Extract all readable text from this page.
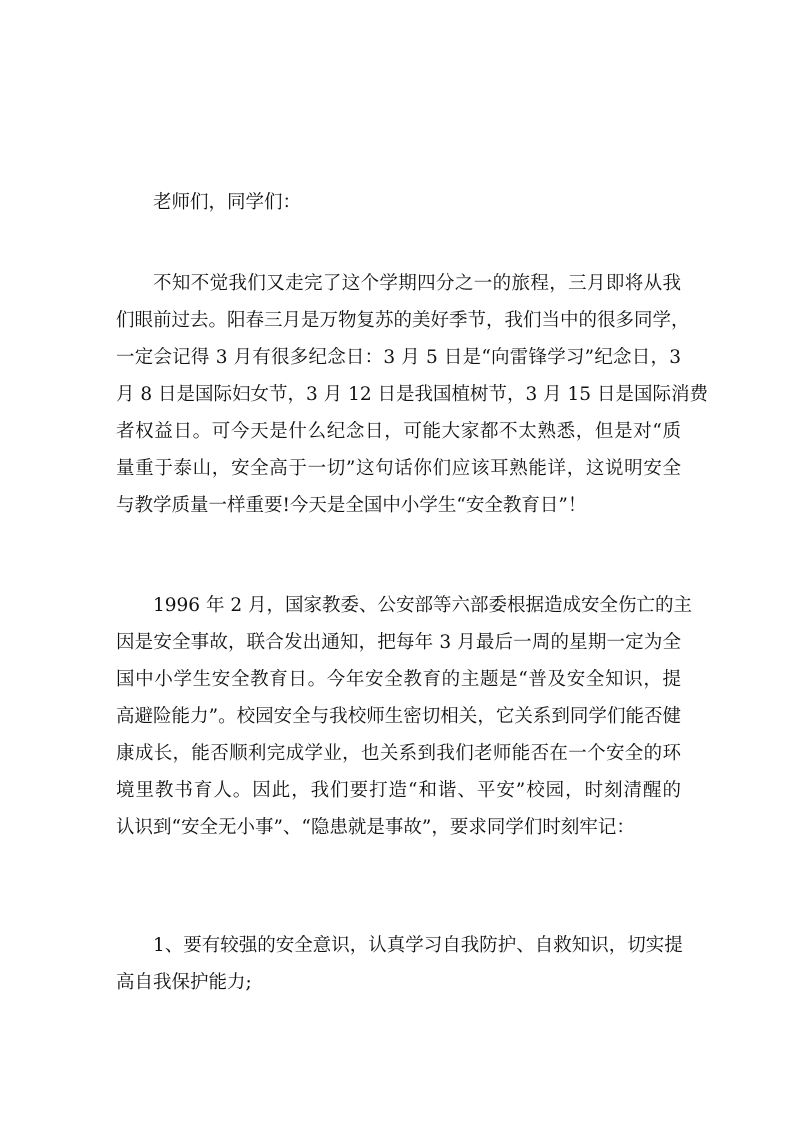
老师们，同学们：
不知不觉我们又走完了这个学期四分之一的旅程，三月即将从我
们眼前过去。阳春三月是万物复苏的美好季节，我们当中的很多同学，
一定会记得 3 月有很多纪念日：3 月 5 日是“向雷锋学习”纪念日，3
月 8 日是国际妇女节，3 月 12 日是我国植树节，3 月 15 日是国际消费
者权益日。可今天是什么纪念日，可能大家都不太熟悉，但是对“质
量重于泰山，安全高于一切”这句话你们应该耳熟能详，这说明安全
与教学质量一样重要!今天是全国中小学生“安全教育日”！
1996 年 2 月，国家教委、公安部等六部委根据造成安全伤亡的主
因是安全事故，联合发出通知，把每年 3 月最后一周的星期一定为全
国中小学生安全教育日。今年安全教育的主题是“普及安全知识，提
高避险能力”。校园安全与我校师生密切相关，它关系到同学们能否健
康成长，能否顺利完成学业，也关系到我们老师能否在一个安全的环
境里教书育人。因此，我们要打造“和谐、平安”校园，时刻清醒的
认识到“安全无小事”、“隐患就是事故”，要求同学们时刻牢记：
1、要有较强的安全意识，认真学习自我防护、自救知识，切实提
高自我保护能力;
